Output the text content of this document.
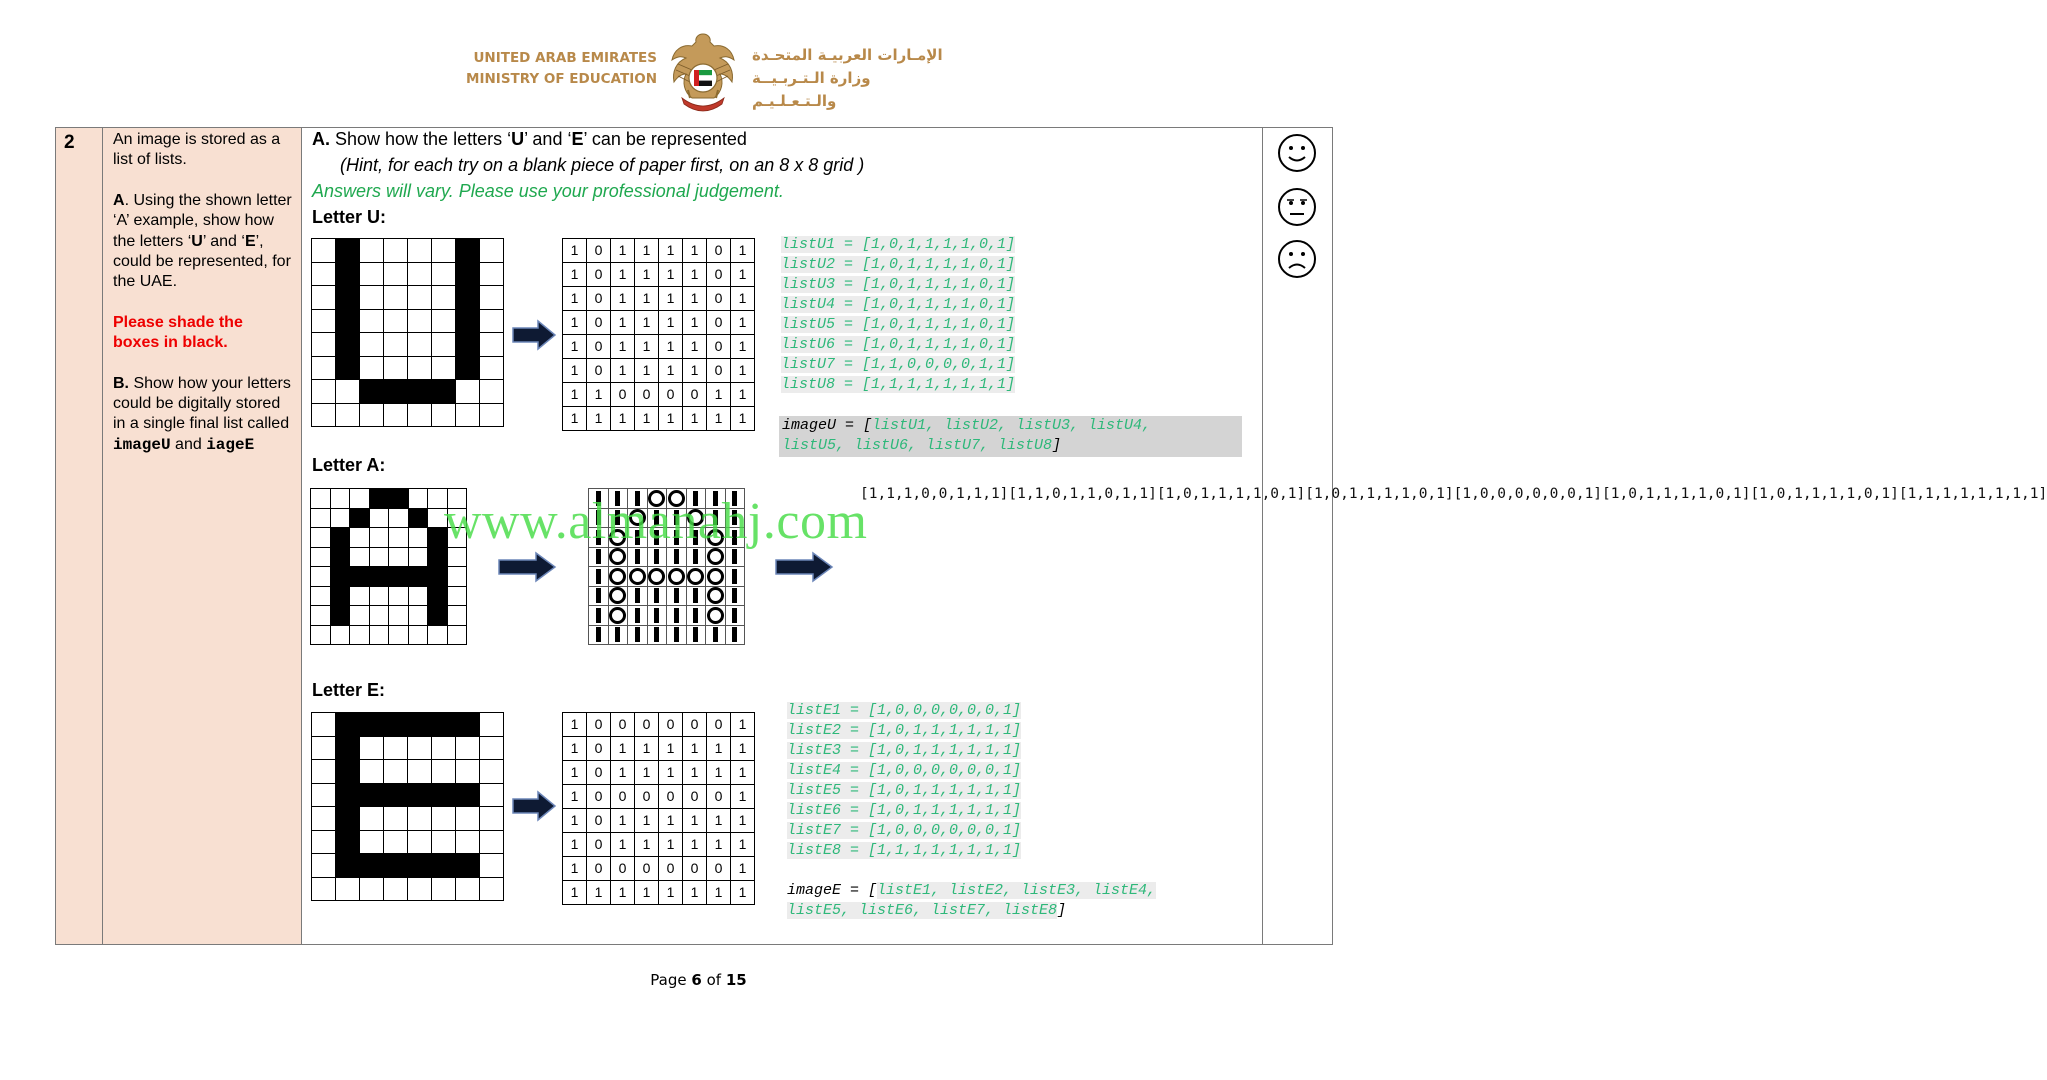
UNITED ARAB EMIRATES
MINISTRY OF EDUCATION
الإمـارات العربيـة المتحـدة
وزارة الـتـربـيــة والـتـعـلـيـم
2 An image is stored as a list of lists.

A. Using the shown letter ‘A’ example, show how the letters ‘U’ and ‘E’, could be represented, for the UAE.

Please shade the boxes in black.

B. Show how your letters could be digitally stored in a single final list called imageU and iageE

A. Show how the letters ‘U’ and ‘E’ can be represented
(Hint, for each try on a blank piece of paper first, on an 8 x 8 grid )
Answers will vary. Please use your professional judgement.
Letter U:
1	0	1	1	1	1	0	1
1	0	1	1	1	1	0	1
1	0	1	1	1	1	0	1
1	0	1	1	1	1	0	1
1	0	1	1	1	1	0	1
1	0	1	1	1	1	0	1
1	1	0	0	0	0	1	1
1	1	1	1	1	1	1	1
listU1 = [1,0,1,1,1,1,0,1]
listU2 = [1,0,1,1,1,1,0,1]
listU3 = [1,0,1,1,1,1,0,1]
listU4 = [1,0,1,1,1,1,0,1]
listU5 = [1,0,1,1,1,1,0,1]
listU6 = [1,0,1,1,1,1,0,1]
listU7 = [1,1,0,0,0,0,1,1]
listU8 = [1,1,1,1,1,1,1,1]
imageU = [listU1, listU2, listU3, listU4,
listU5, listU6, listU7, listU8]
Letter A:
[1,1,1,0,0,1,1,1][1,1,0,1,1,0,1,1][1,0,1,1,1,1,0,1][1,0,1,1,1,1,0,1][1,0,0,0,0,0,0,1][1,0,1,1,1,1,0,1][1,0,1,1,1,1,0,1][1,1,1,1,1,1,1,1]
Letter E:
1	0	0	0	0	0	0	1
1	0	1	1	1	1	1	1
1	0	1	1	1	1	1	1
1	0	0	0	0	0	0	1
1	0	1	1	1	1	1	1
1	0	1	1	1	1	1	1
1	0	0	0	0	0	0	1
1	1	1	1	1	1	1	1
listE1 = [1,0,0,0,0,0,0,1]
listE2 = [1,0,1,1,1,1,1,1]
listE3 = [1,0,1,1,1,1,1,1]
listE4 = [1,0,0,0,0,0,0,1]
listE5 = [1,0,1,1,1,1,1,1]
listE6 = [1,0,1,1,1,1,1,1]
listE7 = [1,0,0,0,0,0,0,1]
listE8 = [1,1,1,1,1,1,1,1]
imageE = [listE1, listE2, listE3, listE4,
listE5, listE6, listE7, listE8]
www.almanahj.com
Page 6 of 15
